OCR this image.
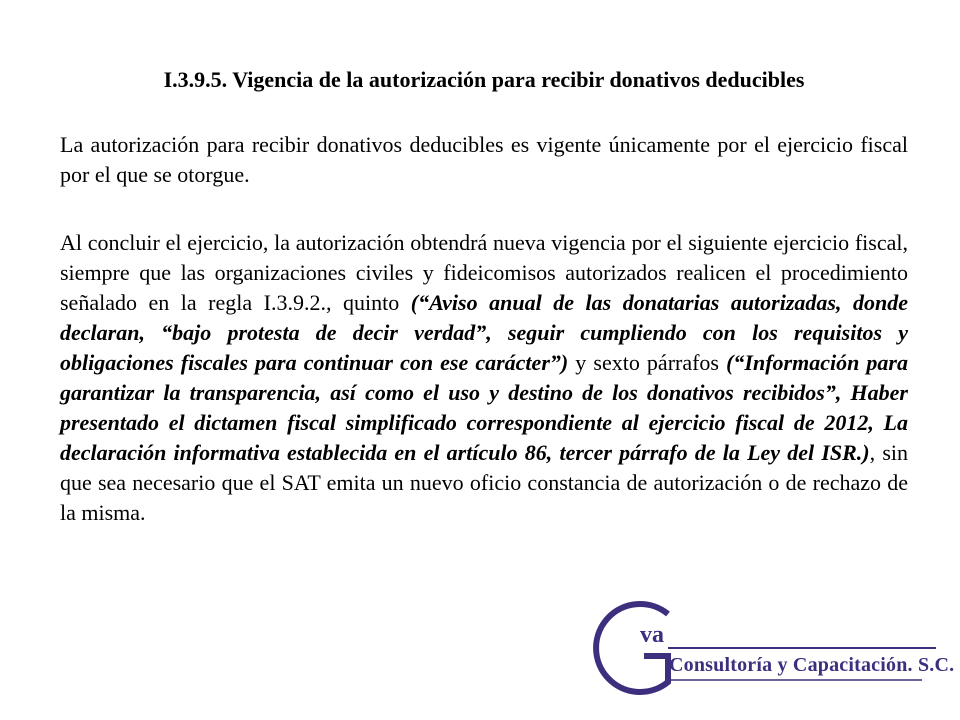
I.3.9.5. Vigencia de la autorización para recibir donativos deducibles

La autorización para recibir donativos deducibles es vigente únicamente por el ejercicio fiscal por el que se otorgue.

Al concluir el ejercicio, la autorización obtendrá nueva vigencia por el siguiente ejercicio fiscal, siempre que las organizaciones civiles y fideicomisos autorizados realicen el procedimiento señalado en la regla I.3.9.2., quinto (“Aviso anual de las donatarias autorizadas, donde declaran, “bajo protesta de decir verdad”, seguir cumpliendo con los requisitos y obligaciones fiscales para continuar con ese carácter”) y sexto párrafos (“Información para garantizar la transparencia, así como el uso y destino de los donativos recibidos”, Haber presentado el dictamen fiscal simplificado correspondiente al ejercicio fiscal de 2012, La declaración informativa establecida en el artículo 86, tercer párrafo de la Ley del ISR.), sin que sea necesario que el SAT emita un nuevo oficio constancia de autorización o de rechazo de la misma.

va
Consultoría y Capacitación. S.C.
